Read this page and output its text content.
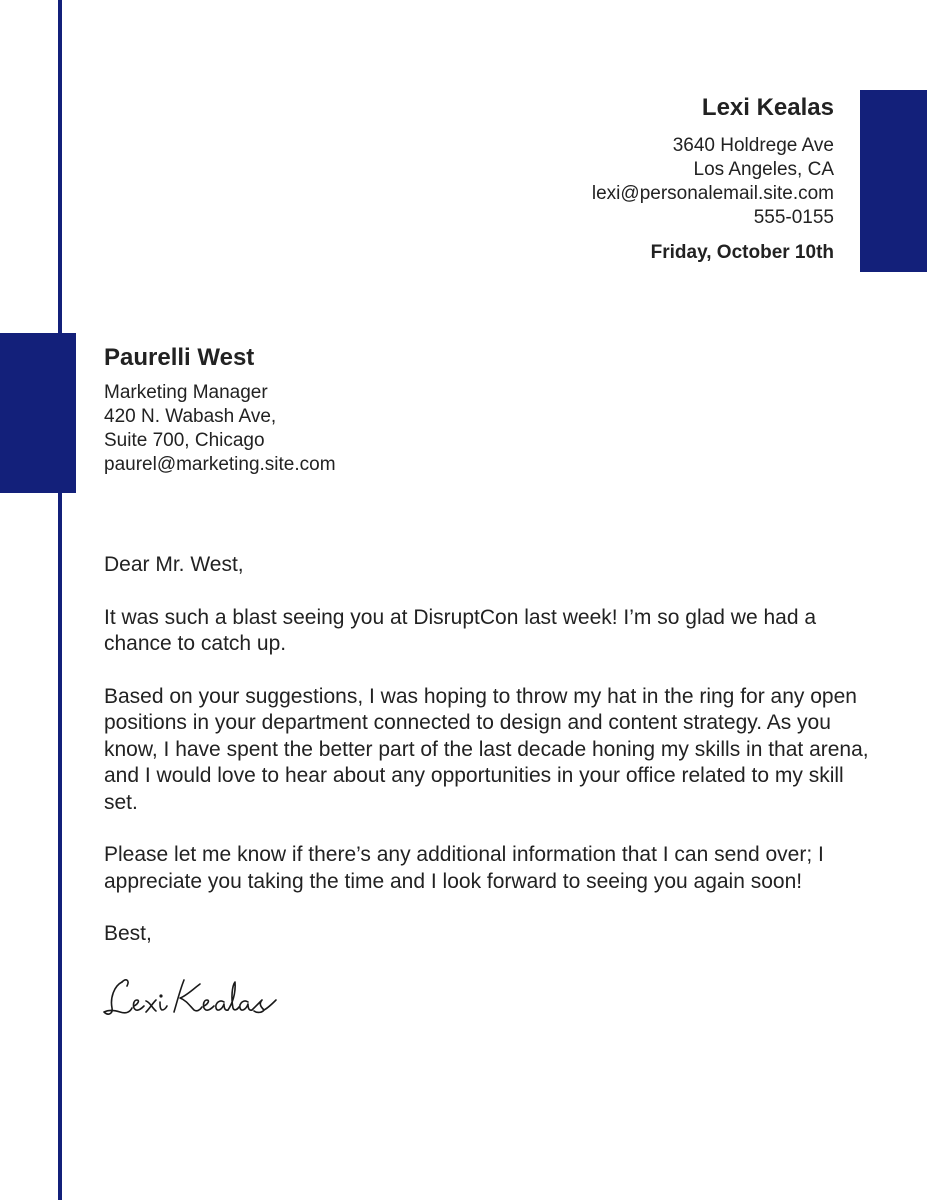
Lexi Kealas
3640 Holdrege Ave
Los Angeles, CA
lexi@personalemail.site.com
555-0155
Friday, October 10th
Paurelli West
Marketing Manager
420 N. Wabash Ave,
Suite 700, Chicago
paurel@marketing.site.com

Dear Mr. West,

It was such a blast seeing you at DisruptCon last week! I’m so glad we had a chance to catch up.

Based on your suggestions, I was hoping to throw my hat in the ring for any open positions in your department connected to design and content strategy. As you know, I have spent the better part of the last decade honing my skills in that arena, and I would love to hear about any opportunities in your office related to my skill set.

Please let me know if there’s any additional information that I can send over; I appreciate you taking the time and I look forward to seeing you again soon!

Best,
